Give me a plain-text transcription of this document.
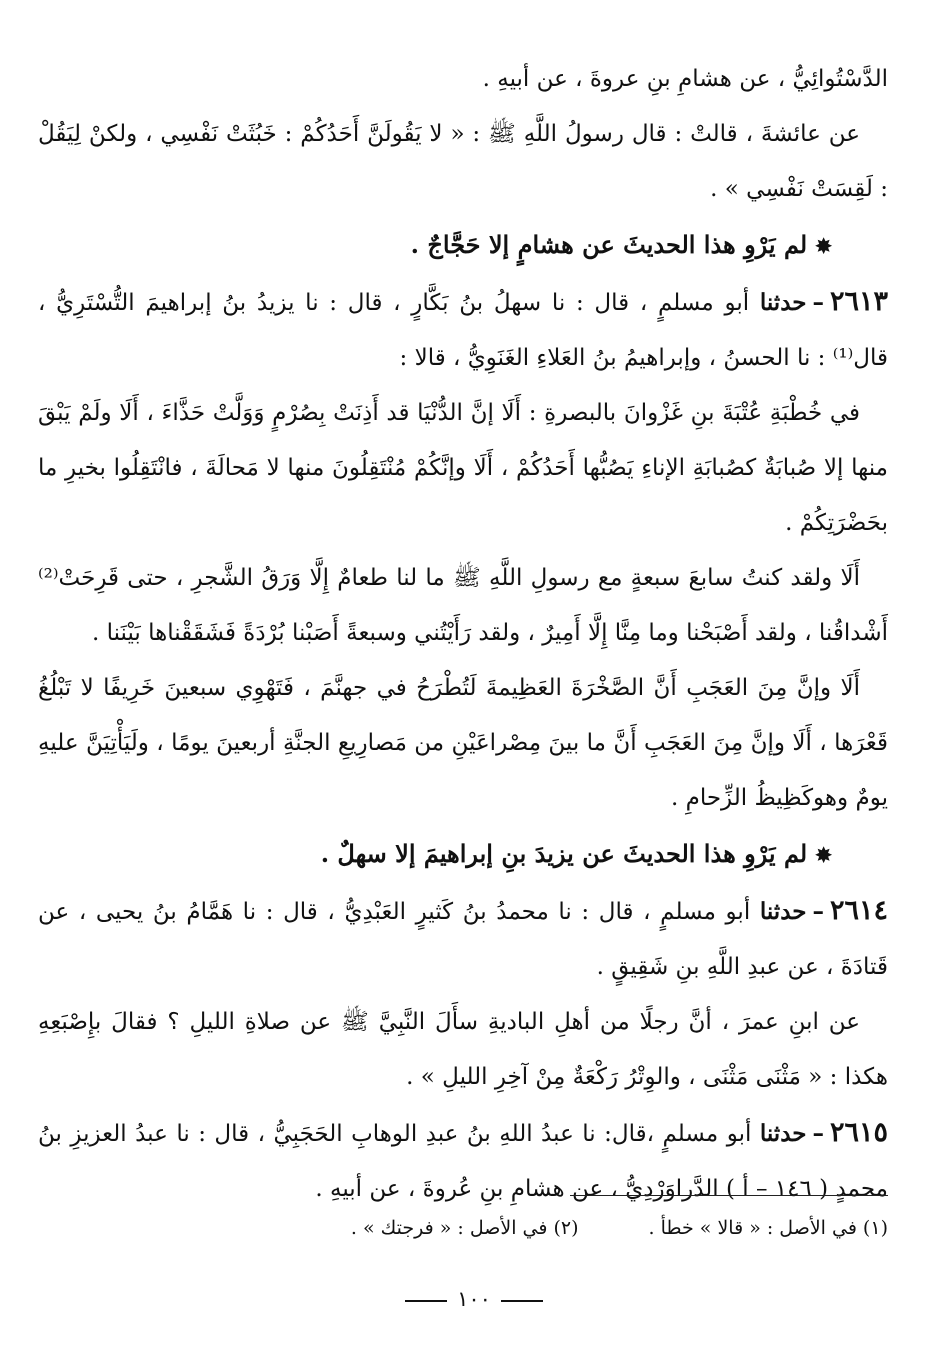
الدَّسْتُوائِيُّ ، عن هشامِ بنِ عروةَ ، عن أبيهِ .

عن عائشةَ ، قالتْ : قال رسولُ اللَّهِ ﷺ : « لا يَقُولَنَّ أَحَدُكُمْ : خَبُثَتْ نَفْسِي ، ولكنْ لِيَقُلْ : لَقِسَتْ نَفْسِي » .

✸لم يَرْوِ هذا الحديثَ عن هشامٍ إلا حَجَّاجٌ .

٢٦١٣–حدثنا أبو مسلمٍ ، قال : نا سهلُ بنُ بَكَّارٍ ، قال : نا يزيدُ بنُ إبراهيمَ التُّسْتَرِيُّ ، قال⁽¹⁾ : نا الحسنُ ، وإبراهيمُ بنُ العَلاءِ الغَنَوِيُّ ، قالا :

في خُطْبَةِ عُتْبَةَ بنِ غَزْوانَ بالبصرةِ : أَلَا إنَّ الدُّنْيَا قد أَذِنَتْ بِصُرْمٍ وَوَلَّتْ حَذَّاءَ ، أَلَا ولَمْ يَبْقَ منها إلا صُبابَةٌ كصُبابَةِ الإناءِ يَصُبُّها أَحَدُكُمْ ، أَلَا وإنَّكُمْ مُنْتَقِلُونَ منها لا مَحالَةَ ، فانْتَقِلُوا بخيرِ ما بحَضْرَتِكُمْ .

أَلَا ولقد كنتُ سابعَ سبعةٍ مع رسولِ اللَّهِ ﷺ ما لنا طعامٌ إِلَّا وَرَقُ الشَّجرِ ، حتى قَرِحَتْ⁽²⁾ أَشْداقُنا ، ولقد أَصْبَحْنا وما مِنَّا إِلَّا أَمِيرٌ ، ولقد رَأَيْتُني وسبعةً أَصَبْنا بُرْدَةً فَشَقَقْناها بَيْنَنا .

أَلَا وإنَّ مِنَ العَجَبِ أَنَّ الصَّخْرَةَ العَظِيمةَ لَتُطْرَحُ في جهنَّمَ ، فَتَهْوِي سبعينَ خَرِيفًا لا تَبْلُغُ قَعْرَها ، أَلَا وإنَّ مِنَ العَجَبِ أَنَّ ما بينَ مِصْراعَيْنِ من مَصارِيعِ الجنَّةِ أربعينَ يومًا ، ولَيَأْتِيَنَّ عليهِ يومٌ وهوكَظِيظُ الزِّحامِ .

✸لم يَرْوِ هذا الحديثَ عن يزيدَ بنِ إبراهيمَ إلا سهلٌ .

٢٦١٤–حدثنا أبو مسلمٍ ، قال : نا محمدُ بنُ كَثيرٍ العَبْدِيُّ ، قال : نا هَمَّامُ بنُ يحيى ، عن قَتادَةَ ، عن عبدِ اللَّهِ بنِ شَقِيقٍ .

عن ابنِ عمرَ ، أنَّ رجلًا من أهلِ الباديةِ سأَلَ النَّبِيَّ ﷺ عن صلاةِ الليلِ ؟ فقالَ بإِصْبَعِهِ هكذا : « مَثْنَى مَثْنَى ، والوِتْرُ رَكْعَةٌ مِنْ آخِرِ الليلِ » .

٢٦١٥–حدثنا أبو مسلمٍ ،قال: نا عبدُ اللهِ بنُ عبدِ الوهابِ الحَجَبِيُّ ، قال : نا عبدُ العزيزِ بنُ محمدٍ ( ١٤٦ – أ ) الدَّراوَرْدِيُّ ، عن هشامِ بنِ عُروةَ ، عن أبيهِ .

(١) في الأصل : « قالا » خطأ .
(٢) في الأصل : « فرجتك » .
١٠٠
